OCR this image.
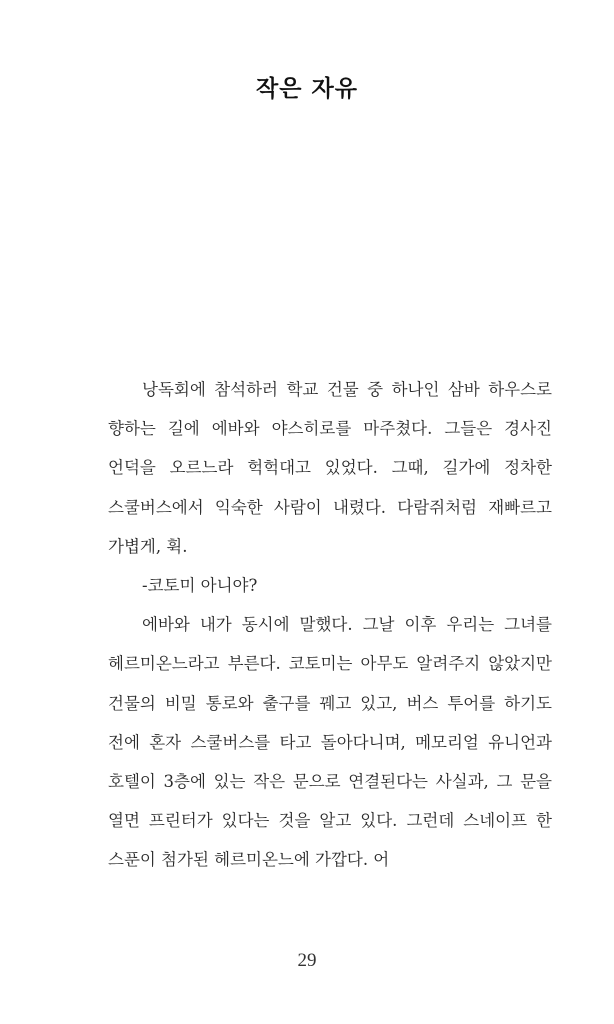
작은 자유

낭독회에 참석하러 학교 건물 중 하나인 삼바 하우스로 향하는 길에 에바와 야스히로를 마주쳤다. 그들은 경사진 언덕을 오르느라 헉헉대고 있었다. 그때, 길가에 정차한 스쿨버스에서 익숙한 사람이 내렸다. 다람쥐처럼 재빠르고 가볍게, 휙.

-코토미 아니야?

에바와 내가 동시에 말했다. 그날 이후 우리는 그녀를 헤르미온느라고 부른다. 코토미는 아무도 알려주지 않았지만 건물의 비밀 통로와 출구를 꿰고 있고, 버스 투어를 하기도 전에 혼자 스쿨버스를 타고 돌아다니며, 메모리얼 유니언과 호텔이 3층에 있는 작은 문으로 연결된다는 사실과, 그 문을 열면 프린터가 있다는 것을 알고 있다. 그런데 스네이프 한 스푼이 첨가된 헤르미온느에 가깝다. 어

29
